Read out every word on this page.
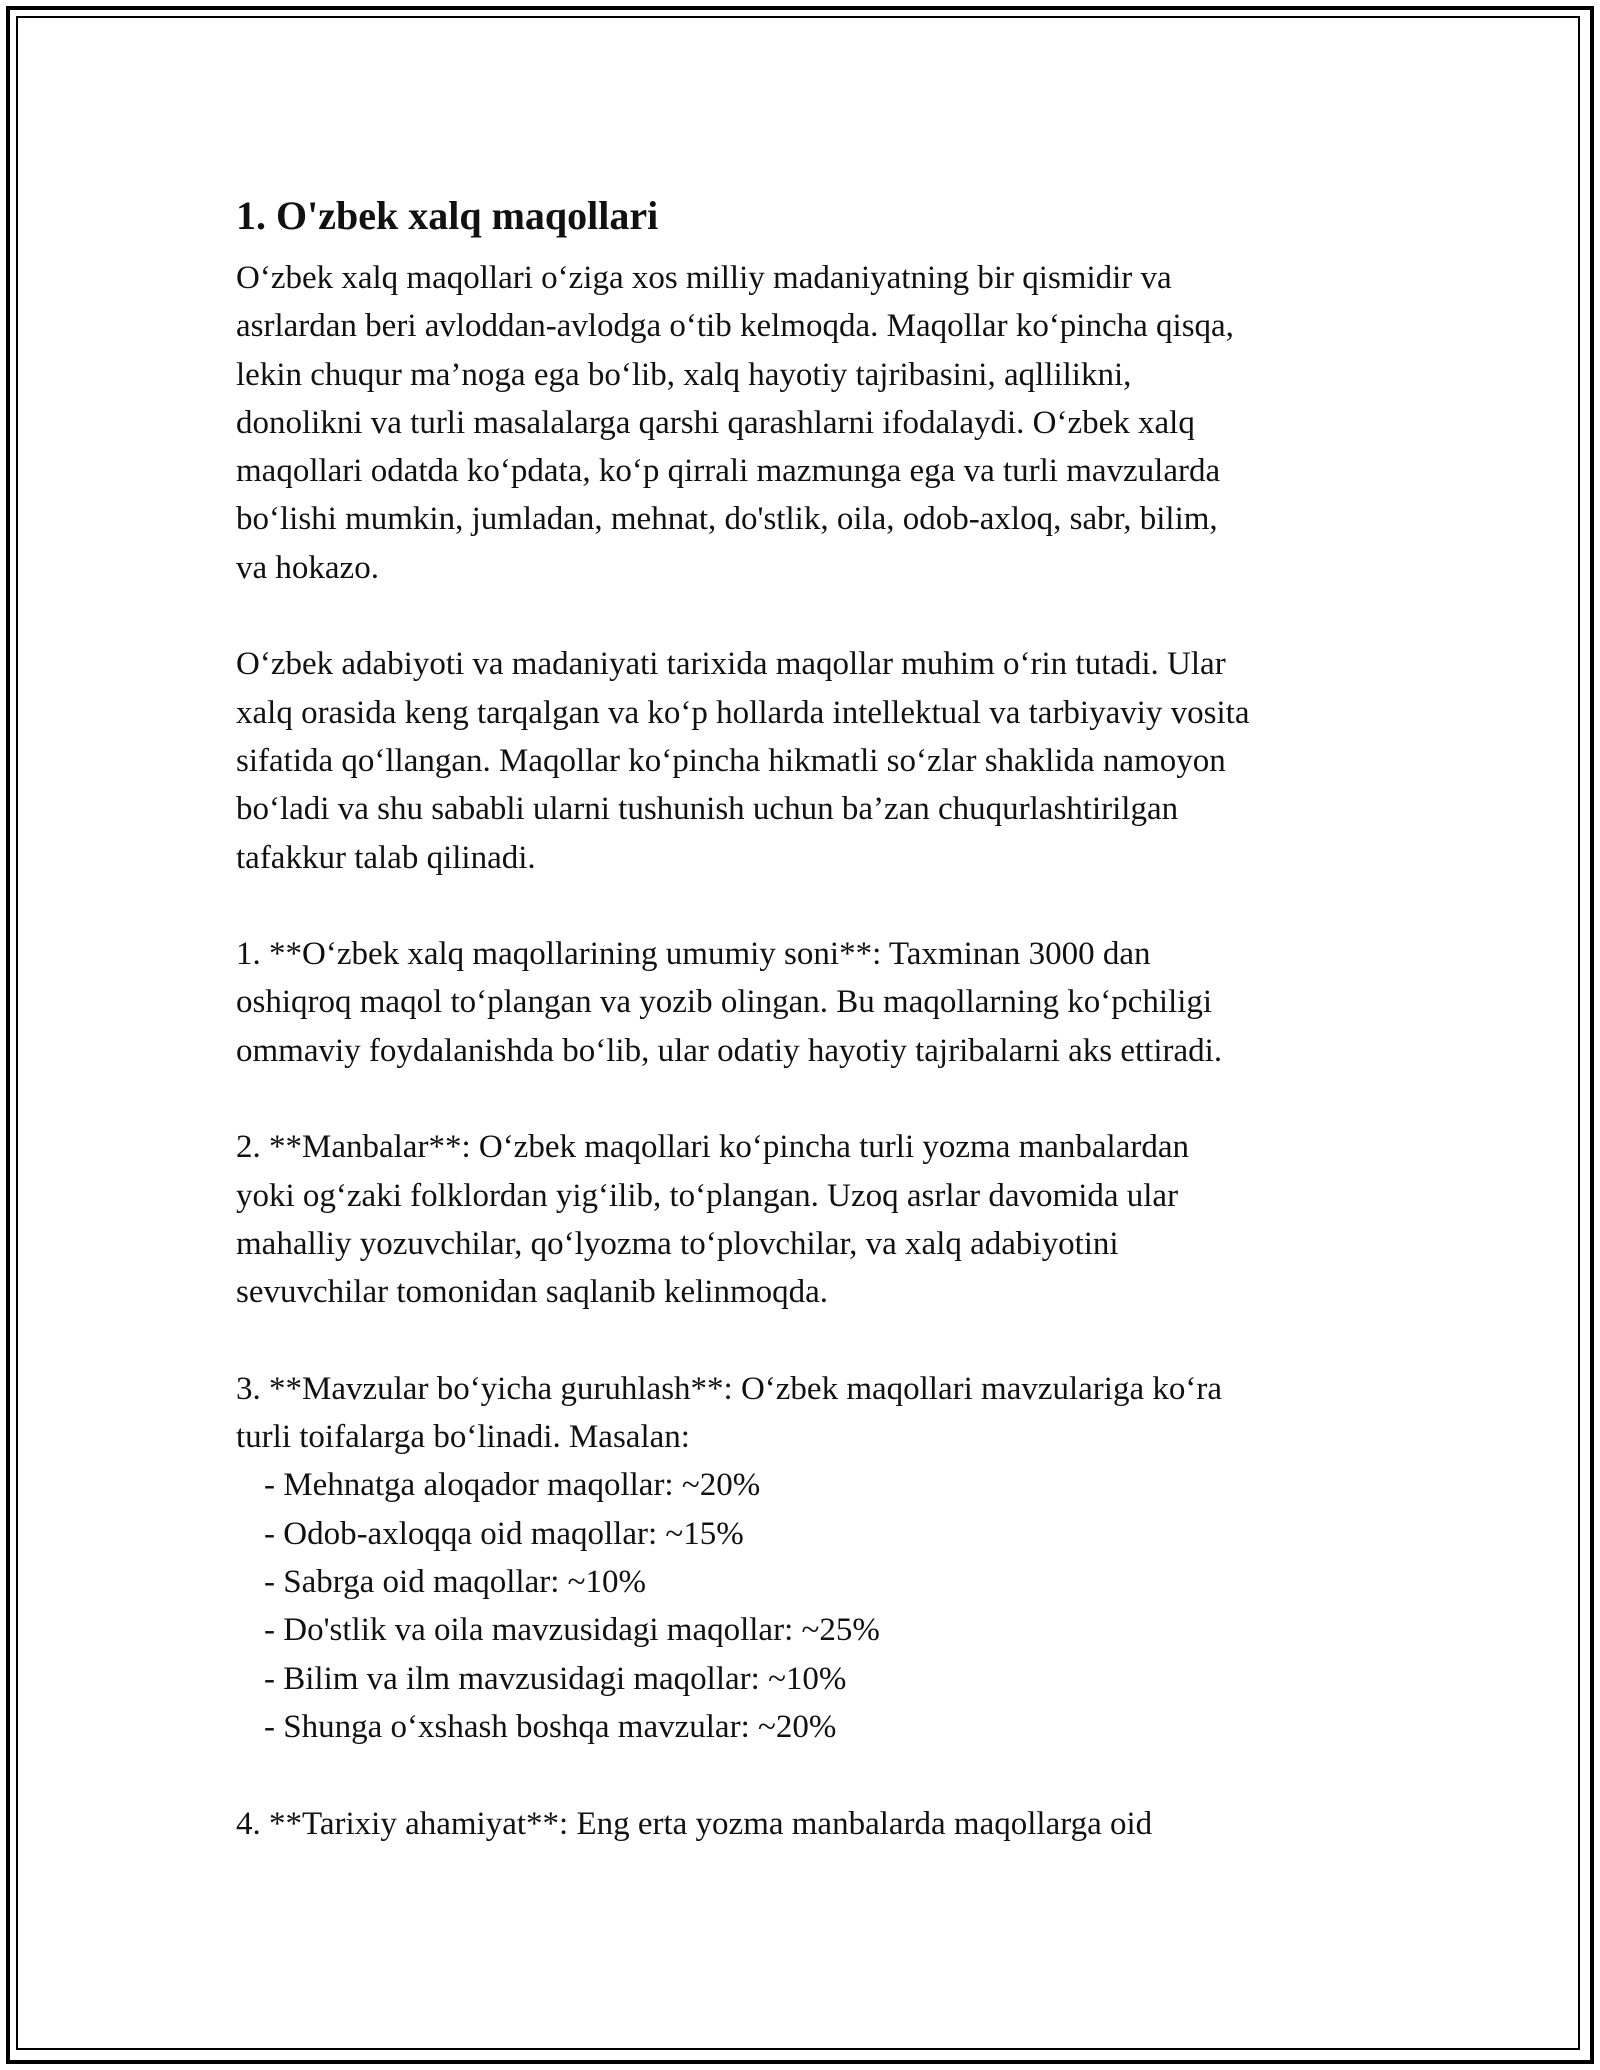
1. O'zbek xalq maqollari
O‘zbek xalq maqollari o‘ziga xos milliy madaniyatning bir qismidir va
asrlardan beri avloddan-avlodga o‘tib kelmoqda. Maqollar ko‘pincha qisqa,
lekin chuqur ma’noga ega bo‘lib, xalq hayotiy tajribasini, aqllilikni,
donolikni va turli masalalarga qarshi qarashlarni ifodalaydi. O‘zbek xalq
maqollari odatda ko‘pdata, ko‘p qirrali mazmunga ega va turli mavzularda
bo‘lishi mumkin, jumladan, mehnat, do'stlik, oila, odob-axloq, sabr, bilim,
va hokazo.
O‘zbek adabiyoti va madaniyati tarixida maqollar muhim o‘rin tutadi. Ular
xalq orasida keng tarqalgan va ko‘p hollarda intellektual va tarbiyaviy vosita
sifatida qo‘llangan. Maqollar ko‘pincha hikmatli so‘zlar shaklida namoyon
bo‘ladi va shu sababli ularni tushunish uchun ba’zan chuqurlashtirilgan
tafakkur talab qilinadi.
1. **O‘zbek xalq maqollarining umumiy soni**: Taxminan 3000 dan
oshiqroq maqol to‘plangan va yozib olingan. Bu maqollarning ko‘pchiligi
ommaviy foydalanishda bo‘lib, ular odatiy hayotiy tajribalarni aks ettiradi.
2. **Manbalar**: O‘zbek maqollari ko‘pincha turli yozma manbalardan
yoki og‘zaki folklordan yig‘ilib, to‘plangan. Uzoq asrlar davomida ular
mahalliy yozuvchilar, qo‘lyozma to‘plovchilar, va xalq adabiyotini
sevuvchilar tomonidan saqlanib kelinmoqda.
3. **Mavzular bo‘yicha guruhlash**: O‘zbek maqollari mavzulariga ko‘ra
turli toifalarga bo‘linadi. Masalan:
- Mehnatga aloqador maqollar: ~20%
- Odob-axloqqa oid maqollar: ~15%
- Sabrga oid maqollar: ~10%
- Do'stlik va oila mavzusidagi maqollar: ~25%
- Bilim va ilm mavzusidagi maqollar: ~10%
- Shunga o‘xshash boshqa mavzular: ~20%
4. **Tarixiy ahamiyat**: Eng erta yozma manbalarda maqollarga oid
